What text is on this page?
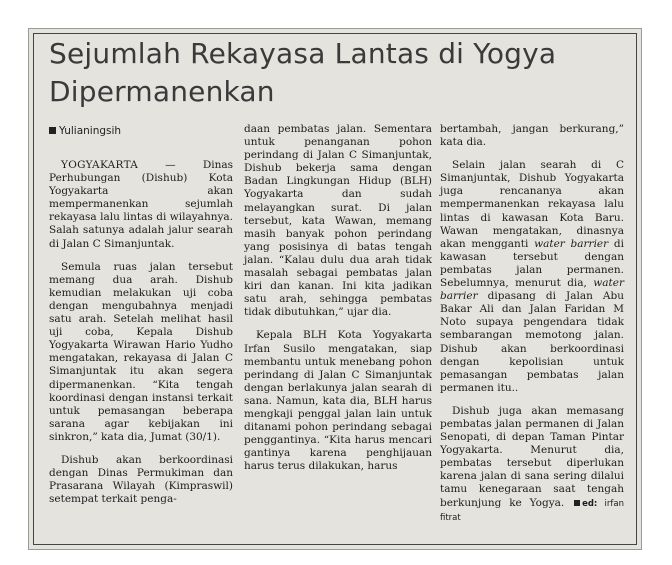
Sejumlah Rekayasa Lantas di Yogya
Dipermanenkan
Yulianingsih

YOGYAKARTA — Dinas Perhubungan (Dishub) Kota Yogyakarta akan mempermanenkan sejumlah rekayasa lalu lintas di wilayahnya. Salah satunya adalah jalur searah di Jalan C Simanjuntak.

Semula ruas jalan tersebut memang dua arah. Dishub kemudian melakukan uji coba dengan mengubahnya menjadi satu arah. Setelah melihat hasil uji coba, Kepala Dishub Yogyakarta Wirawan Hario Yudho mengatakan, rekayasa di Jalan C Simanjuntak itu akan segera dipermanenkan. “Kita tengah koordinasi dengan instansi terkait untuk pemasangan beberapa sarana agar kebijakan ini sinkron,” kata dia, Jumat (30/1).

Dishub akan berkoordinasi dengan Dinas Permukiman dan Prasarana Wilayah (Kimpraswil) setempat terkait penga-

daan pembatas jalan. Sementara untuk penanganan pohon perindang di Jalan C Simanjuntak, Dishub bekerja sama dengan Badan Lingkungan Hidup (BLH) Yogyakarta dan sudah melayangkan surat. Di jalan tersebut, kata Wawan, memang masih banyak pohon perindang yang posisinya di batas tengah jalan. “Kalau dulu dua arah tidak masalah sebagai pembatas jalan kiri dan kanan. Ini kita jadikan satu arah, sehingga pembatas tidak dibutuhkan,” ujar dia.

Kepala BLH Kota Yogyakarta Irfan Susilo mengatakan, siap membantu untuk menebang pohon perindang di Jalan C Simanjuntak dengan berlakunya jalan searah di sana. Namun, kata dia, BLH harus mengkaji penggal jalan lain untuk ditanami pohon perindang sebagai penggantinya. “Kita harus mencari gantinya karena penghijauan harus terus dilakukan, harus

bertambah, jangan berkurang,” kata dia.

Selain jalan searah di C Simanjuntak, Dishub Yogyakarta juga rencananya akan mempermanenkan rekayasa lalu lintas di kawasan Kota Baru. Wawan mengatakan, dinasnya akan mengganti water barrier di kawasan tersebut dengan pembatas jalan permanen. Sebelumnya, menurut dia, water barrier dipasang di Jalan Abu Bakar Ali dan Jalan Faridan M Noto supaya pengendara tidak sembarangan memotong jalan. Dishub akan berkoordinasi dengan kepolisian untuk pemasangan pembatas jalan permanen itu..

Dishub juga akan memasang pembatas jalan permanen di Jalan Senopati, di depan Taman Pintar Yogyakarta. Menurut dia, pembatas tersebut diperlukan karena jalan di sana sering dilalui tamu kenegaraan saat tengah berkunjung ke Yogya. ed: irfan fitrat
